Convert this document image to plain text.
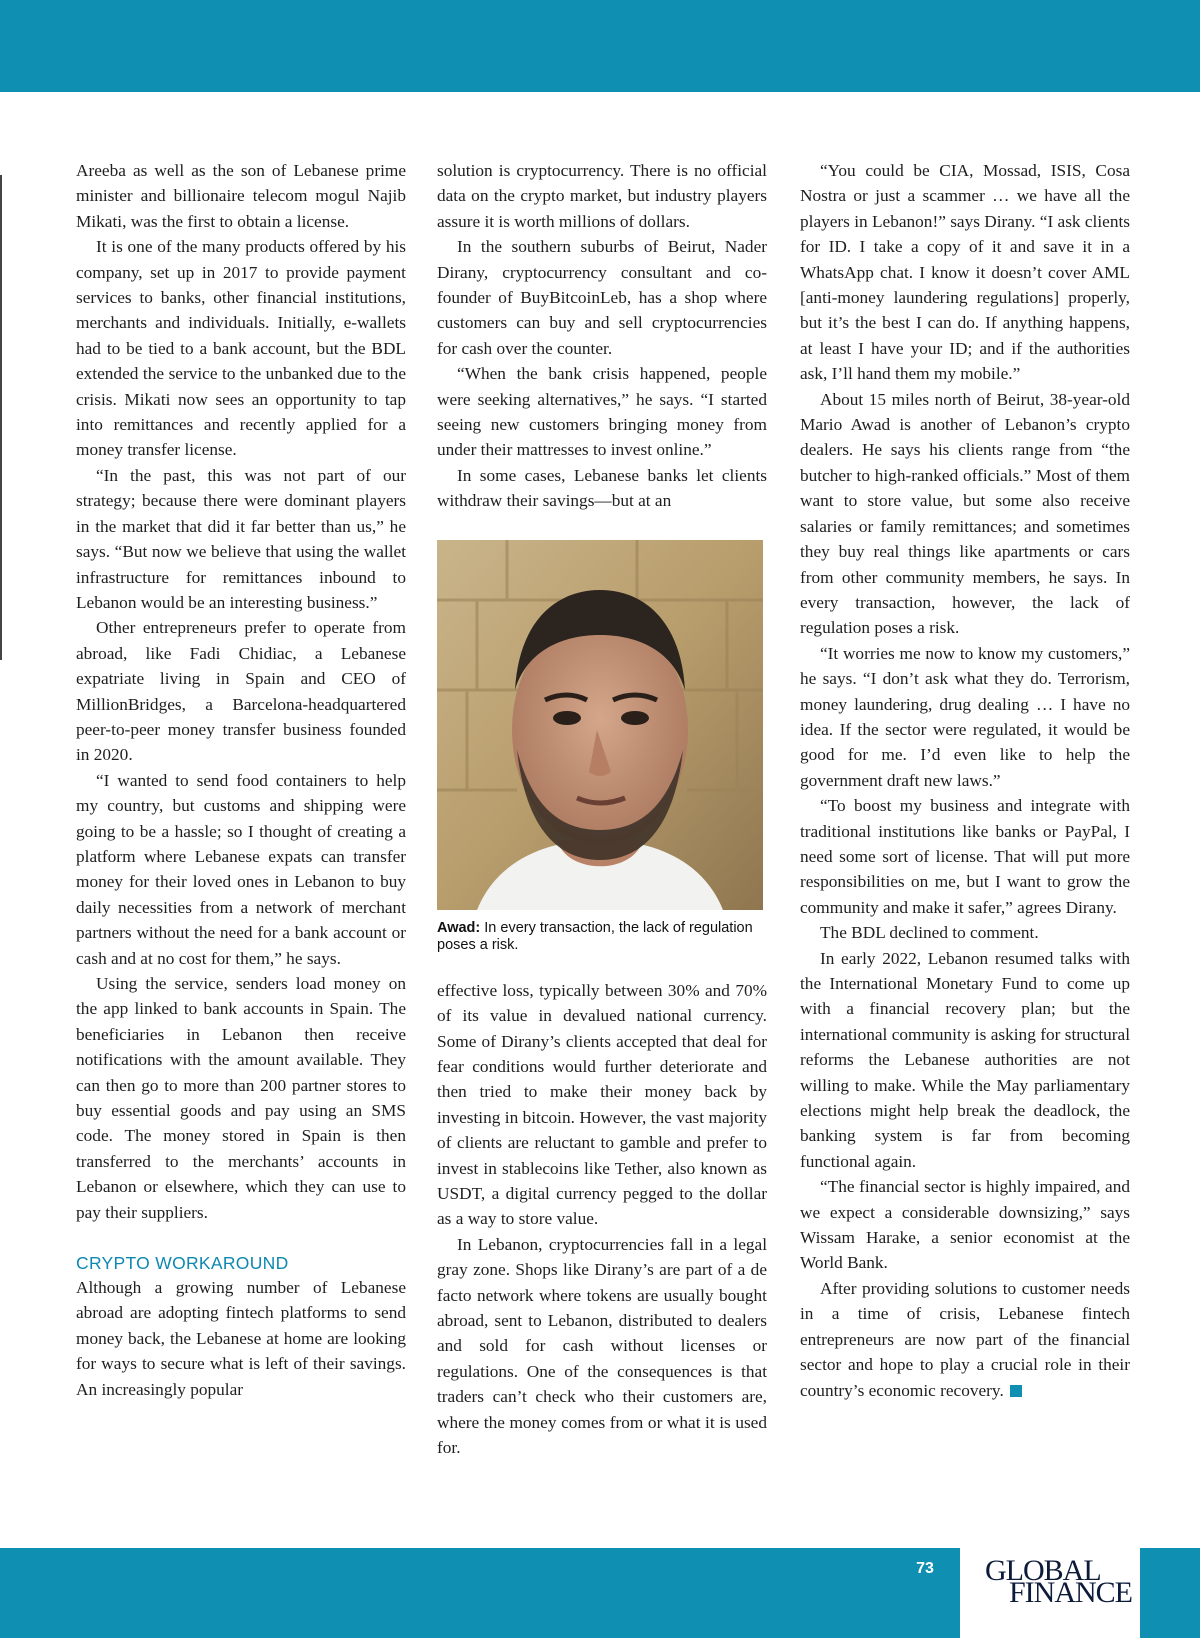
Areeba as well as the son of Lebanese prime minister and billionaire telecom mogul Najib Mikati, was the first to obtain a license.

It is one of the many products offered by his company, set up in 2017 to provide payment services to banks, other financial institutions, merchants and individuals. Initially, e-wallets had to be tied to a bank account, but the BDL extended the service to the unbanked due to the crisis. Mikati now sees an opportunity to tap into remittances and recently applied for a money transfer license.

“In the past, this was not part of our strategy; because there were dominant players in the market that did it far better than us,” he says. “But now we believe that using the wallet infrastructure for remittances inbound to Lebanon would be an interesting business.”

Other entrepreneurs prefer to operate from abroad, like Fadi Chidiac, a Lebanese expatriate living in Spain and CEO of MillionBridges, a Barcelona-headquartered peer-to-peer money transfer business founded in 2020.

“I wanted to send food containers to help my country, but customs and shipping were going to be a hassle; so I thought of creating a platform where Lebanese expats can transfer money for their loved ones in Lebanon to buy daily necessities from a network of merchant partners without the need for a bank account or cash and at no cost for them,” he says.

Using the service, senders load money on the app linked to bank accounts in Spain. The beneficiaries in Lebanon then receive notifications with the amount available. They can then go to more than 200 partner stores to buy essential goods and pay using an SMS code. The money stored in Spain is then transferred to the merchants’ accounts in Lebanon or elsewhere, which they can use to pay their suppliers.

CRYPTO WORKAROUND

Although a growing number of Lebanese abroad are adopting fintech platforms to send money back, the Lebanese at home are looking for ways to secure what is left of their savings. An increasingly popular

solution is cryptocurrency. There is no official data on the crypto market, but industry players assure it is worth millions of dollars.

In the southern suburbs of Beirut, Nader Dirany, cryptocurrency consultant and co-founder of BuyBitcoinLeb, has a shop where customers can buy and sell cryptocurrencies for cash over the counter.

“When the bank crisis happened, people were seeking alternatives,” he says. “I started seeing new customers bringing money from under their mattresses to invest online.”

In some cases, Lebanese banks let clients withdraw their savings—but at an

Awad: In every transaction, the lack of regulation poses a risk.

effective loss, typically between 30% and 70% of its value in devalued national currency. Some of Dirany’s clients accepted that deal for fear conditions would further deteriorate and then tried to make their money back by investing in bitcoin. However, the vast majority of clients are reluctant to gamble and prefer to invest in stablecoins like Tether, also known as USDT, a digital currency pegged to the dollar as a way to store value.

In Lebanon, cryptocurrencies fall in a legal gray zone. Shops like Dirany’s are part of a de facto network where tokens are usually bought abroad, sent to Lebanon, distributed to dealers and sold for cash without licenses or regulations. One of the consequences is that traders can’t check who their customers are, where the money comes from or what it is used for.

“You could be CIA, Mossad, ISIS, Cosa Nostra or just a scammer … we have all the players in Lebanon!” says Dirany. “I ask clients for ID. I take a copy of it and save it in a WhatsApp chat. I know it doesn’t cover AML [anti-money laundering regulations] properly, but it’s the best I can do. If anything happens, at least I have your ID; and if the authorities ask, I’ll hand them my mobile.”

About 15 miles north of Beirut, 38-year-old Mario Awad is another of Lebanon’s crypto dealers. He says his clients range from “the butcher to high-ranked officials.” Most of them want to store value, but some also receive salaries or family remittances; and sometimes they buy real things like apartments or cars from other community members, he says. In every transaction, however, the lack of regulation poses a risk.

“It worries me now to know my customers,” he says. “I don’t ask what they do. Terrorism, money laundering, drug dealing … I have no idea. If the sector were regulated, it would be good for me. I’d even like to help the government draft new laws.”

“To boost my business and integrate with traditional institutions like banks or PayPal, I need some sort of license. That will put more responsibilities on me, but I want to grow the community and make it safer,” agrees Dirany.

The BDL declined to comment.

In early 2022, Lebanon resumed talks with the International Monetary Fund to come up with a financial recovery plan; but the international community is asking for structural reforms the Lebanese authorities are not willing to make. While the May parliamentary elections might help break the deadlock, the banking system is far from becoming functional again.

“The financial sector is highly impaired, and we expect a considerable downsizing,” says Wissam Harake, a senior economist at the World Bank.

After providing solutions to customer needs in a time of crisis, Lebanese fintech entrepreneurs are now part of the financial sector and hope to play a crucial role in their country’s economic recovery.

73	GLOBAL
FINANCE
